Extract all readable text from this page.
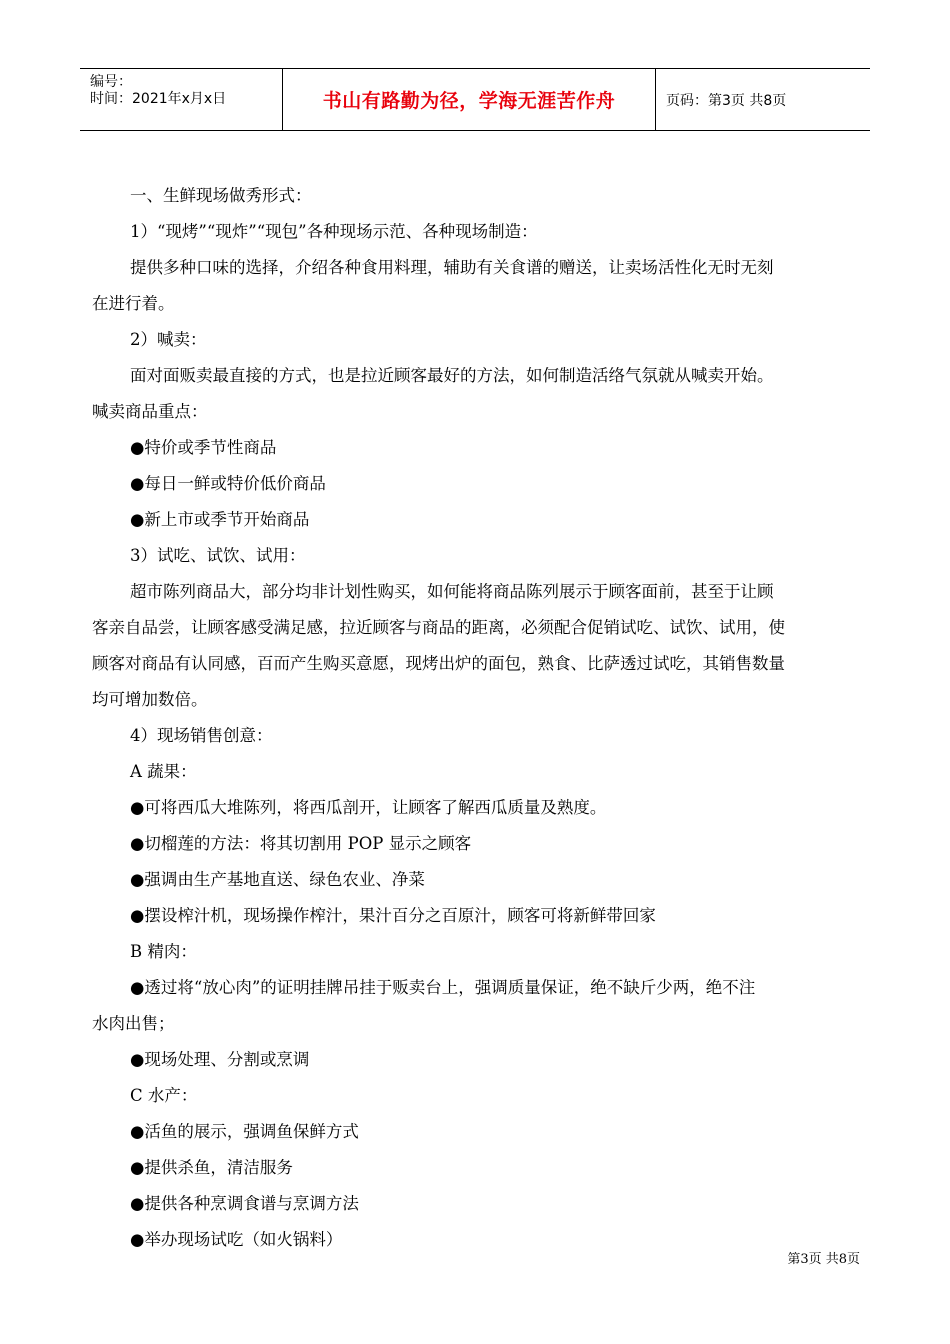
编号：
时间：2021年x月x日	书山有路勤为径，学海无涯苦作舟	页码：第3页 共8页
一、生鲜现场做秀形式：
1）“现烤”“现炸”“现包”各种现场示范、各种现场制造：
提供多种口味的选择，介绍各种食用料理，辅助有关食谱的赠送，让卖场活性化无时无刻
在进行着。
2）喊卖：
面对面贩卖最直接的方式，也是拉近顾客最好的方法，如何制造活络气氛就从喊卖开始。
喊卖商品重点：
●特价或季节性商品
●每日一鲜或特价低价商品
●新上市或季节开始商品
3）试吃、试饮、试用：
超市陈列商品大，部分均非计划性购买，如何能将商品陈列展示于顾客面前，甚至于让顾
客亲自品尝，让顾客感受满足感，拉近顾客与商品的距离，必须配合促销试吃、试饮、试用，使
顾客对商品有认同感，百而产生购买意愿，现烤出炉的面包，熟食、比萨透过试吃，其销售数量
均可增加数倍。
4）现场销售创意：
A 蔬果：
●可将西瓜大堆陈列，将西瓜剖开，让顾客了解西瓜质量及熟度。
●切榴莲的方法：将其切割用 POP 显示之顾客
●强调由生产基地直送、绿色农业、净菜
●摆设榨汁机，现场操作榨汁，果汁百分之百原汁，顾客可将新鲜带回家
B 精肉：
●透过将“放心肉”的证明挂牌吊挂于贩卖台上，强调质量保证，绝不缺斤少两，绝不注
水肉出售；
●现场处理、分割或烹调
C 水产：
●活鱼的展示，强调鱼保鲜方式
●提供杀鱼，清洁服务
●提供各种烹调食谱与烹调方法
●举办现场试吃（如火锅料）
第3页 共8页
